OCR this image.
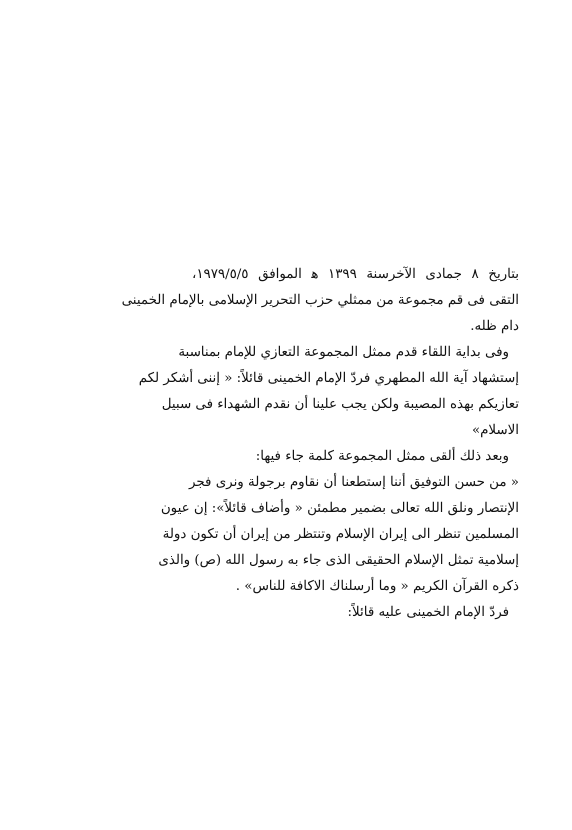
بتاريخ ٨ جمادى الآخرسنة ١٣٩٩ ﻫ الموافق ١٩٧٩/٥/٥،
التقى فى قم مجموعة من ممثلي حزب التحرير الإسلامى بالإمام الخمينى
دام ظله.
وفى بداية اللقاء قدم ممثل المجموعة التعازي للإمام بمناسبة
إستشهاد آية الله المطهري فردّ الإمام الخمينى قائلاً: « إننى أشكر لكم
تعازيكم بهذه المصيبة ولكن يجب علينا أن نقدم الشهداء فى سبيل
الاسلام»
وبعد ذلك ألقى ممثل المجموعة كلمة جاء فيها:
« من حسن التوفيق أننا إستطعنا أن نقاوم برجولة ونرى فجر
الإنتصار ونلق الله تعالى بضمير مطمئن « وأضاف قائلاً»: إن عيون
المسلمين تنظر الى إيران الإسلام وتنتظر من إيران أن تكون دولة
إسلامية تمثل الإسلام الحقيقى الذى جاء به رسول الله (ص) والذى
ذكره القرآن الكريم « وما أرسلناك الاكافة للناس» .
فردّ الإمام الخمينى عليه قائلاً:
